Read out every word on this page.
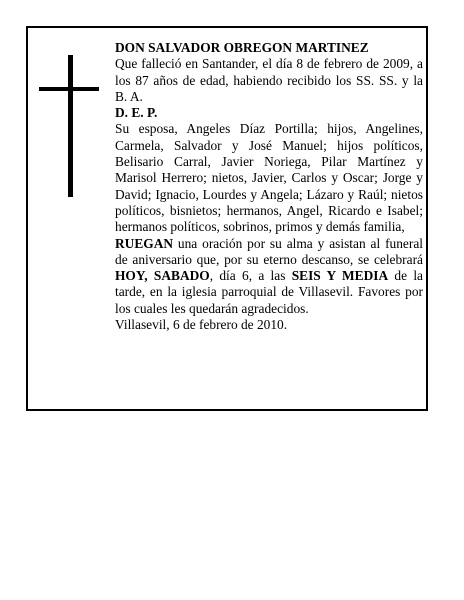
DON SALVADOR OBREGON MARTINEZ

Que falleció en Santander, el día 8 de febrero de 2009, a los 87 años de edad, habiendo recibido los SS. SS. y la B. A.

D. E. P.

Su esposa, Angeles Díaz Portilla; hijos, Angelines, Carmela, Salvador y José Manuel; hijos políticos, Belisario Carral, Javier Noriega, Pilar Martínez y Marisol Herrero; nietos, Javier, Carlos y Oscar; Jorge y David; Ignacio, Lourdes y Angela; Lázaro y Raúl; nietos políticos, bisnietos; hermanos, Angel, Ricardo e Isabel; hermanos políticos, sobrinos, primos y demás familia,

RUEGAN una oración por su alma y asistan al funeral de aniversario que, por su eterno descanso, se celebrará HOY, SABADO, día 6, a las SEIS Y MEDIA de la tarde, en la iglesia parroquial de Villasevil. Favores por los cuales les quedarán agradecidos.

Villasevil, 6 de febrero de 2010.
